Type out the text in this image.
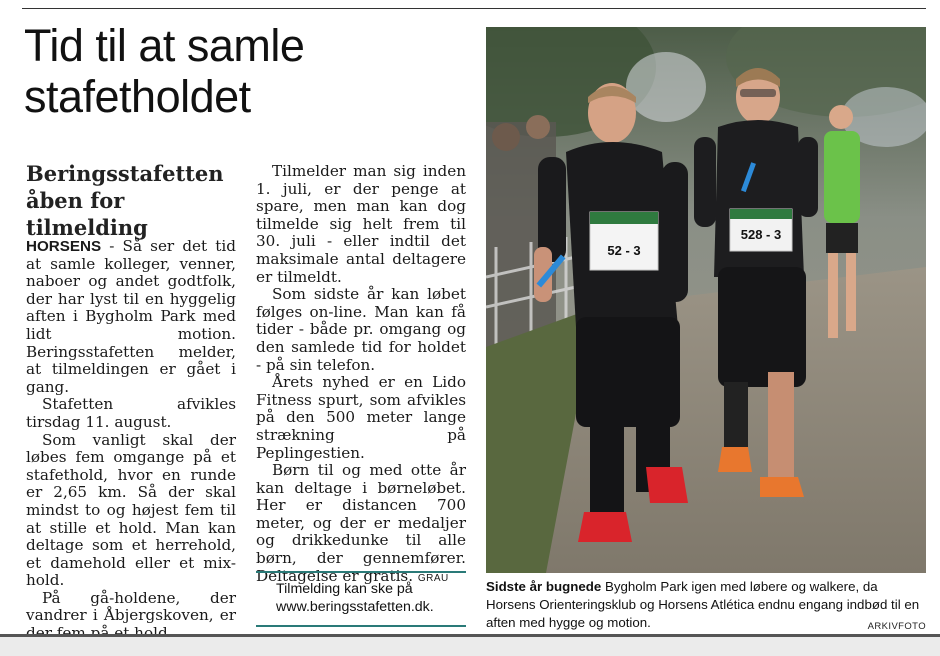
Tid til at samle stafetholdet
Beringsstafetten åben for tilmelding

HORSENS - Så ser det tid at samle kolleger, venner, naboer og andet godtfolk, der har lyst til en hyggelig aften i Bygholm Park med lidt motion. Beringsstafetten melder, at tilmeldingen er gået i gang.

Stafetten afvikles tirsdag 11. august.

Som vanligt skal der løbes fem omgange på et stafethold, hvor en runde er 2,65 km. Så der skal mindst to og højest fem til at stille et hold. Man kan deltage som et herrehold, et damehold eller et mix-hold.

På gå-holdene, der vandrer i Åbjergskoven, er

Tilmelder man sig inden 1. juli, er der penge at spare, men man kan dog tilmelde sig helt frem til 30. juli - eller indtil det maksimale antal deltagere er tilmeldt.

Som sidste år kan løbet følges on-line. Man kan få tider - både pr. omgang og den samlede tid for holdet - på sin telefon.

Årets nyhed er en Lido Fitness spurt, som afvikles på den 500 meter lange strækning på Peplingestien.

Børn til og med otte år kan deltage i børneløbet. Her er distancen 700 meter, og der er medaljer og drikkedunke til alle børn, der gennemfører. Deltagelse er gratis. GRAU

Tilmelding kan ske på
www.beringsstafetten.dk.
528 - 3
52 - 3
Sidste år bugnede Bygholm Park igen med løbere og walkere, da Horsens Orienteringsklub og Horsens Atlética endnu engang indbød til en aften med hygge og motion.	ARKIVFOTO
